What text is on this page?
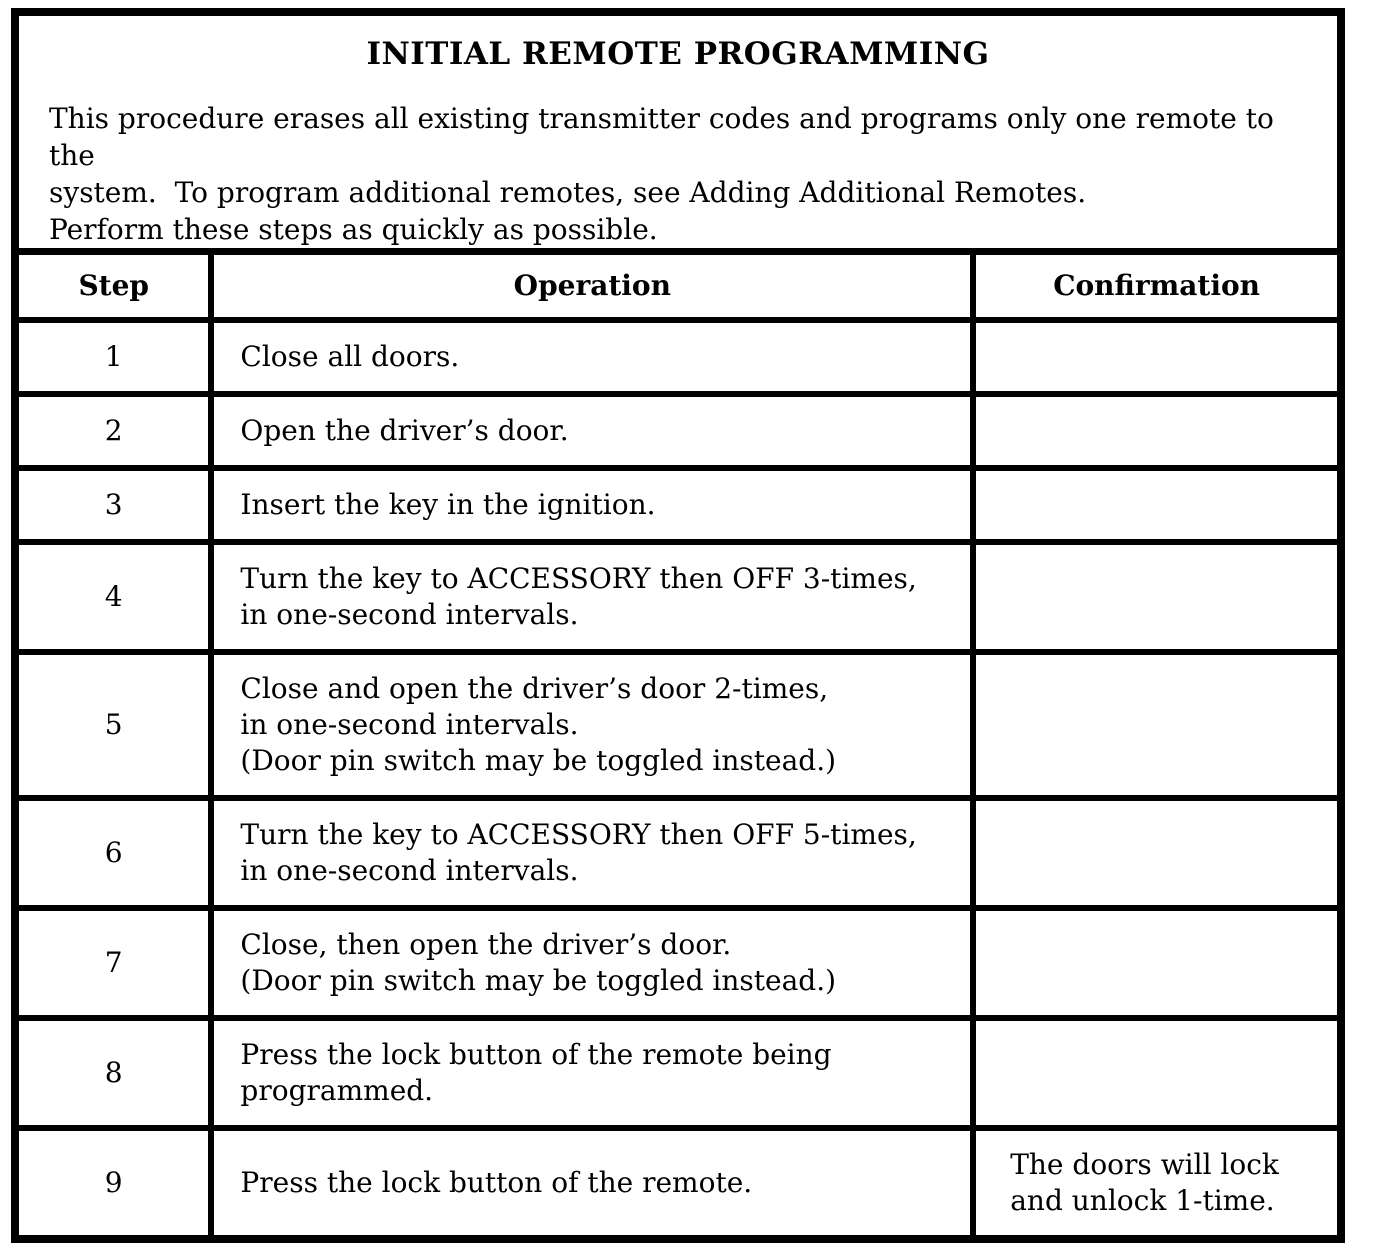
INITIAL REMOTE PROGRAMMING
This procedure erases all existing transmitter codes and programs only one remote to the
system.  To program additional remotes, see Adding Additional Remotes.
Perform these steps as quickly as possible.
Step	Operation	Confirmation
1	Close all doors.	

2	Open the driver’s door.	

3	Insert the key in the ignition.	

4	Turn the key to ACCESSORY then OFF 3-times,
in one-second intervals.	

5	Close and open the driver’s door 2-times,
in one-second intervals.
(Door pin switch may be toggled instead.)	

6	Turn the key to ACCESSORY then OFF 5-times,
in one-second intervals.	

7	Close, then open the driver’s door.
(Door pin switch may be toggled instead.)	

8	Press the lock button of the remote being
programmed.	

9	Press the lock button of the remote.	The doors will lock
and unlock 1-time.
